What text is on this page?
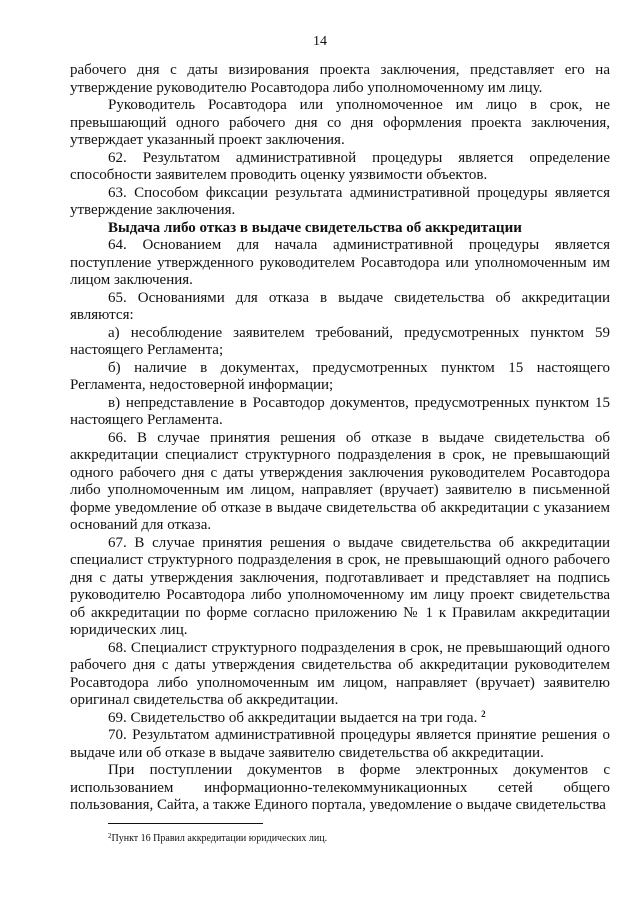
14

рабочего дня с даты визирования проекта заключения, представляет его на утверждение руководителю Росавтодора либо уполномоченному им лицу.

Руководитель Росавтодора или уполномоченное им лицо в срок, не превышающий одного рабочего дня со дня оформления проекта заключения, утверждает указанный проект заключения.

62. Результатом административной процедуры является определение способности заявителем проводить оценку уязвимости объектов.

63. Способом фиксации результата административной процедуры является утверждение заключения.

Выдача либо отказ в выдаче свидетельства об аккредитации

64. Основанием для начала административной процедуры является поступление утвержденного руководителем Росавтодора или уполномоченным им лицом заключения.

65. Основаниями для отказа в выдаче свидетельства об аккредитации являются:

а) несоблюдение заявителем требований, предусмотренных пунктом 59 настоящего Регламента;

б) наличие в документах, предусмотренных пунктом 15 настоящего Регламента, недостоверной информации;

в) непредставление в Росавтодор документов, предусмотренных пунктом 15 настоящего Регламента.

66. В случае принятия решения об отказе в выдаче свидетельства об аккредитации специалист структурного подразделения в срок, не превышающий одного рабочего дня с даты утверждения заключения руководителем Росавтодора либо уполномоченным им лицом, направляет (вручает) заявителю в письменной форме уведомление об отказе в выдаче свидетельства об аккредитации с указанием оснований для отказа.

67. В случае принятия решения о выдаче свидетельства об аккредитации специалист структурного подразделения в срок, не превышающий одного рабочего дня с даты утверждения заключения, подготавливает и представляет на подпись руководителю Росавтодора либо уполномоченному им лицу проект свидетельства об аккредитации по форме согласно приложению № 1 к Правилам аккредитации юридических лиц.

68. Специалист структурного подразделения в срок, не превышающий одного рабочего дня с даты утверждения свидетельства об аккредитации руководителем Росавтодора либо уполномоченным им лицом, направляет (вручает) заявителю оригинал свидетельства об аккредитации.

69. Свидетельство об аккредитации выдается на три года. $^2$

70. Результатом административной процедуры является принятие решения о выдаче или об отказе в выдаче заявителю свидетельства об аккредитации.

При поступлении документов в форме электронных документов с использованием информационно-телекоммуникационных сетей общего пользования, Сайта, а также Единого портала, уведомление о выдаче свидетельства

$^2$Пункт 16 Правил аккредитации юридических лиц.
